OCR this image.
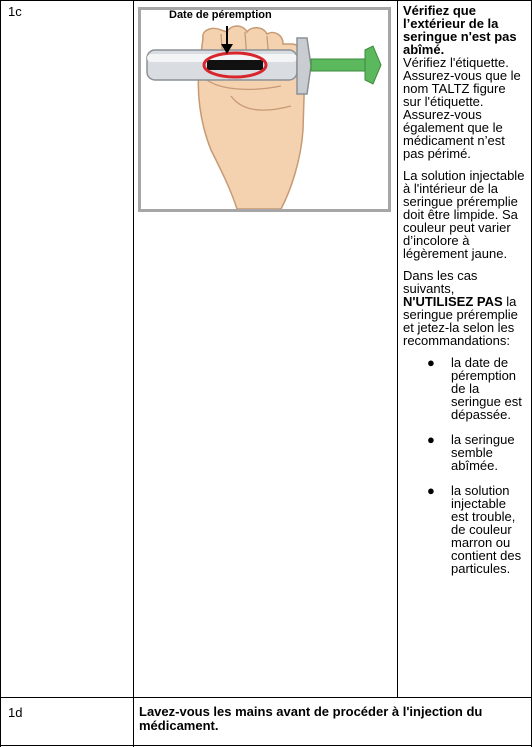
1c	Date de péremption	Vérifiez que l’extérieur de la seringue n'est pas abîmé.
Vérifiez l'étiquette. Assurez-vous que le nom TALTZ figure sur l'étiquette. Assurez-vous également que le médicament n’est pas périmé.

La solution injectable à l'intérieur de la seringue préremplie doit être limpide. Sa couleur peut varier d’incolore à légèrement jaune.

Dans les cas suivants, N'UTILISEZ PAS la seringue préremplie et jetez-la selon les recommandations:

● la date de péremption de la seringue est dépassée.
● la seringue semble abîmée.
● la solution injectable est trouble, de couleur marron ou contient des particules.
1d	Lavez-vous les mains avant de procéder à l'injection du médicament.
